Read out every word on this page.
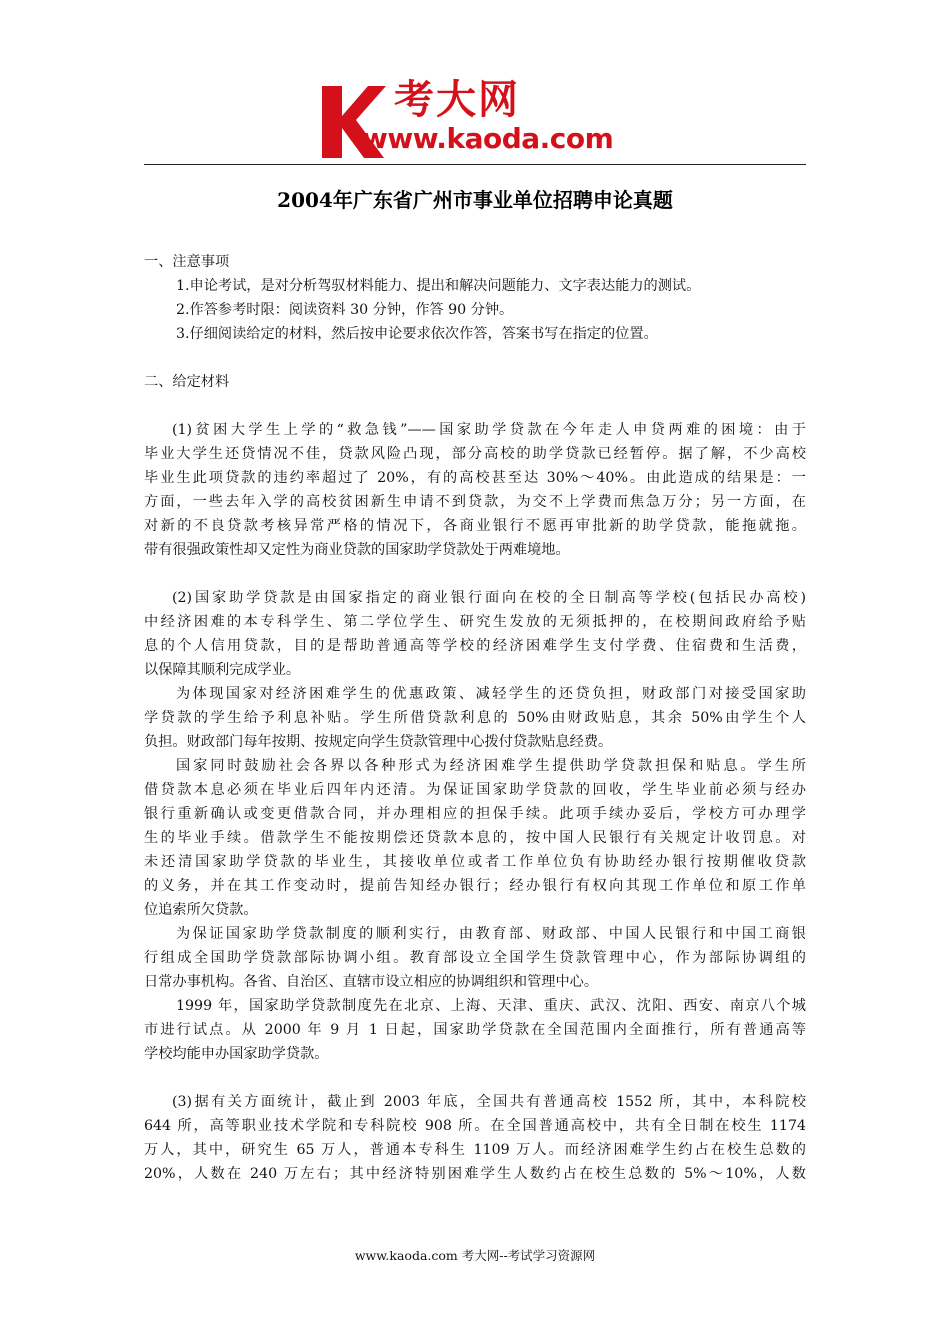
考大网
www.kaoda.com
2004年广东省广州市事业单位招聘申论真题
一、注意事项
1.申论考试，是对分析驾驭材料能力、提出和解决问题能力、文字表达能力的测试。
2.作答参考时限：阅读资料 30 分钟，作答 90 分钟。
3.仔细阅读给定的材料，然后按申论要求依次作答，答案书写在指定的位置。
二、给定材料
(1)贫困大学生上学的“救急钱”——国家助学贷款在今年走人申贷两难的困境：由于
毕业大学生还贷情况不佳，贷款风险凸现，部分高校的助学贷款已经暂停。据了解，不少高校
毕业生此项贷款的违约率超过了 20%，有的高校甚至达 30%～40%。由此造成的结果是：一
方面，一些去年入学的高校贫困新生申请不到贷款，为交不上学费而焦急万分；另一方面，在
对新的不良贷款考核异常严格的情况下，各商业银行不愿再审批新的助学贷款，能拖就拖。
带有很强政策性却又定性为商业贷款的国家助学贷款处于两难境地。
(2)国家助学贷款是由国家指定的商业银行面向在校的全日制高等学校(包括民办高校)
中经济困难的本专科学生、第二学位学生、研究生发放的无须抵押的，在校期间政府给予贴
息的个人信用贷款，目的是帮助普通高等学校的经济困难学生支付学费、住宿费和生活费，
以保障其顺利完成学业。
为体现国家对经济困难学生的优惠政策、减轻学生的还贷负担，财政部门对接受国家助
学贷款的学生给予利息补贴。学生所借贷款利息的 50%由财政贴息，其余 50%由学生个人
负担。财政部门每年按期、按规定向学生贷款管理中心拨付贷款贴息经费。
国家同时鼓励社会各界以各种形式为经济困难学生提供助学贷款担保和贴息。学生所
借贷款本息必须在毕业后四年内还清。为保证国家助学贷款的回收，学生毕业前必须与经办
银行重新确认或变更借款合同，并办理相应的担保手续。此项手续办妥后，学校方可办理学
生的毕业手续。借款学生不能按期偿还贷款本息的，按中国人民银行有关规定计收罚息。对
未还清国家助学贷款的毕业生，其接收单位或者工作单位负有协助经办银行按期催收贷款
的义务，并在其工作变动时，提前告知经办银行；经办银行有权向其现工作单位和原工作单
位追索所欠贷款。
为保证国家助学贷款制度的顺利实行，由教育部、财政部、中国人民银行和中国工商银
行组成全国助学贷款部际协调小组。教育部设立全国学生贷款管理中心，作为部际协调组的
日常办事机构。各省、自治区、直辖市设立相应的协调组织和管理中心。
1999 年，国家助学贷款制度先在北京、上海、天津、重庆、武汉、沈阳、西安、南京八个城
市进行试点。从 2000 年 9 月 1 日起，国家助学贷款在全国范围内全面推行，所有普通高等
学校均能申办国家助学贷款。
(3)据有关方面统计，截止到 2003 年底，全国共有普通高校 1552 所，其中，本科院校
644 所，高等职业技术学院和专科院校 908 所。在全国普通高校中，共有全日制在校生 1174
万人，其中，研究生 65 万人，普通本专科生 1109 万人。而经济困难学生约占在校生总数的
20%，人数在 240 万左右；其中经济特别困难学生人数约占在校生总数的 5%～10%，人数
www.kaoda.com 考大网--考试学习资源网
